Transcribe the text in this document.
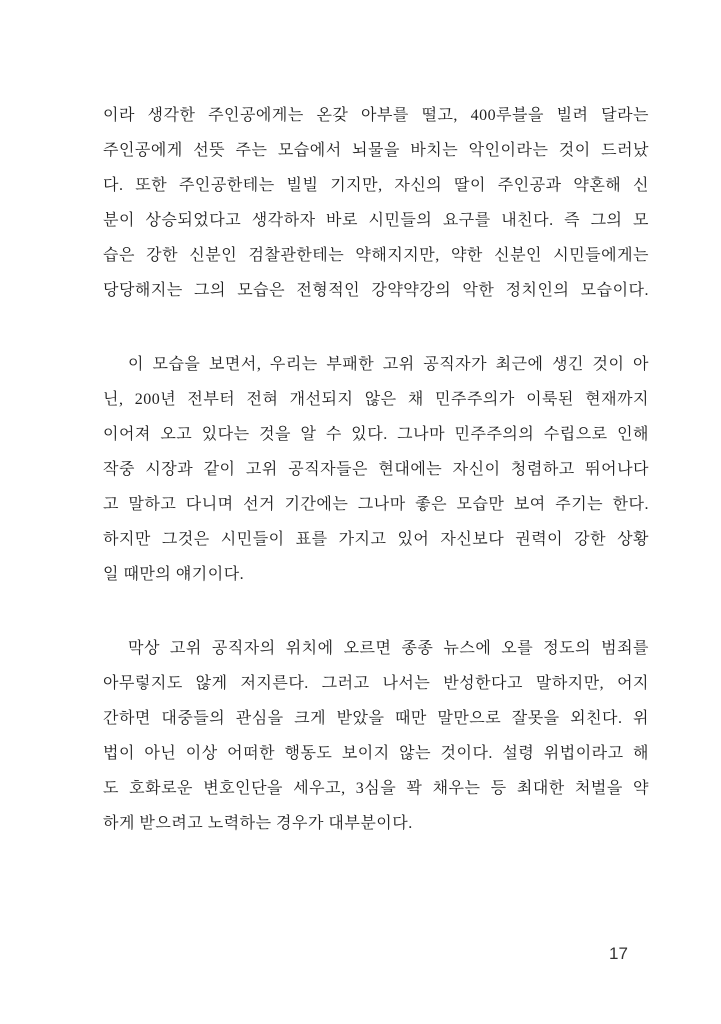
이라 생각한 주인공에게는 온갖 아부를 떨고, 400루블을 빌려 달라는
주인공에게 선뜻 주는 모습에서 뇌물을 바치는 악인이라는 것이 드러났
다. 또한 주인공한테는 빌빌 기지만, 자신의 딸이 주인공과 약혼해 신
분이 상승되었다고 생각하자 바로 시민들의 요구를 내친다. 즉 그의 모
습은 강한 신분인 검찰관한테는 약해지지만, 약한 신분인 시민들에게는
당당해지는 그의 모습은 전형적인 강약약강의 악한 정치인의 모습이다.
이 모습을 보면서, 우리는 부패한 고위 공직자가 최근에 생긴 것이 아
닌, 200년 전부터 전혀 개선되지 않은 채 민주주의가 이룩된 현재까지
이어져 오고 있다는 것을 알 수 있다. 그나마 민주주의의 수립으로 인해
작중 시장과 같이 고위 공직자들은 현대에는 자신이 청렴하고 뛰어나다
고 말하고 다니며 선거 기간에는 그나마 좋은 모습만 보여 주기는 한다.
하지만 그것은 시민들이 표를 가지고 있어 자신보다 권력이 강한 상황
일 때만의 얘기이다.
막상 고위 공직자의 위치에 오르면 종종 뉴스에 오를 정도의 범죄를
아무렇지도 않게 저지른다. 그러고 나서는 반성한다고 말하지만, 어지
간하면 대중들의 관심을 크게 받았을 때만 말만으로 잘못을 외친다. 위
법이 아닌 이상 어떠한 행동도 보이지 않는 것이다. 설령 위법이라고 해
도 호화로운 변호인단을 세우고, 3심을 꽉 채우는 등 최대한 처벌을 약
하게 받으려고 노력하는 경우가 대부분이다.
17
